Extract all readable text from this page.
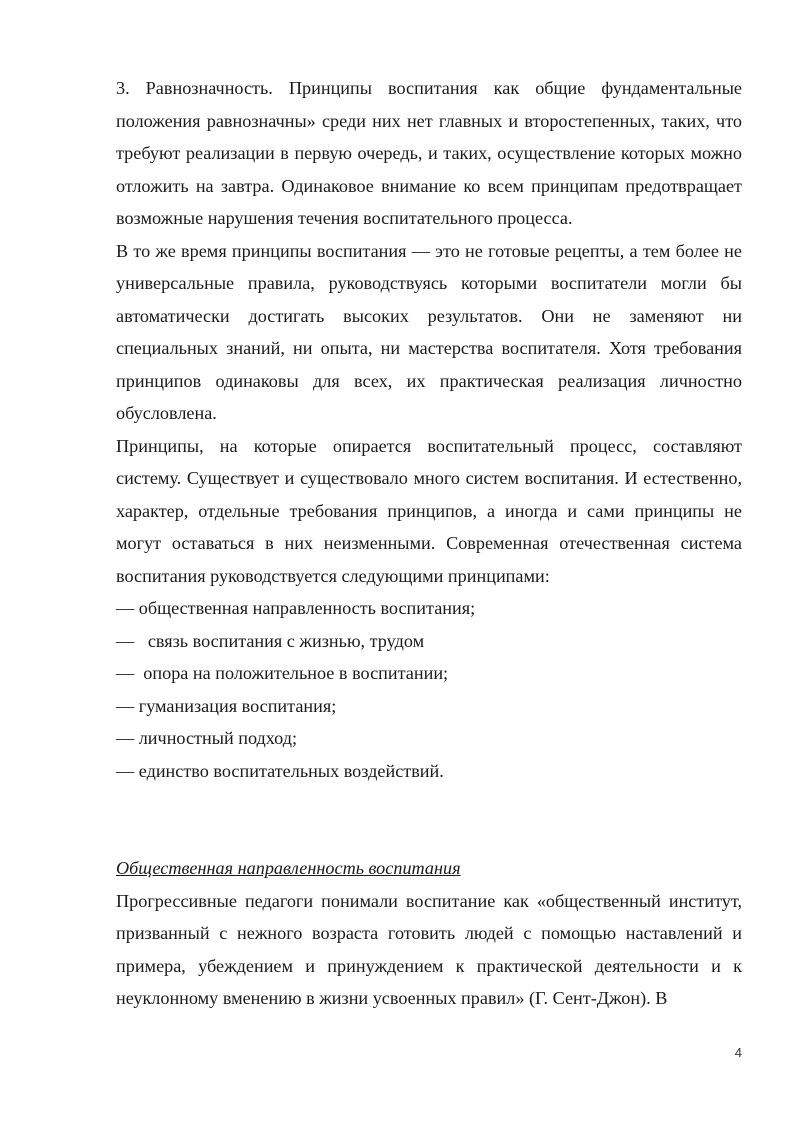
3. Равнозначность. Принципы воспитания как общие фундаментальные положения равнозначны» среди них нет главных и второстепенных, таких, что требуют реализации в первую очередь, и таких, осуществление которых можно отложить на завтра. Одинаковое внимание ко всем принципам предотвращает возможные нарушения течения воспитательного процесса.

В то же время принципы воспитания — это не готовые рецепты, а тем более не универсальные правила, руководствуясь которыми воспитатели могли бы автоматически достигать высоких результатов. Они не заменяют ни специальных знаний, ни опыта, ни мастерства воспитателя. Хотя требования принципов одинаковы для всех, их практическая реализация личностно обусловлена.

Принципы, на которые опирается воспитательный процесс, составляют систему. Существует и существовало много систем воспитания. И естественно, характер, отдельные требования принципов, а иногда и сами принципы не могут оставаться в них неизменными. Современная отечественная система воспитания руководствуется следующими принципами:

— общественная направленность воспитания;
—   связь воспитания с жизнью, трудом
—  опора на положительное в воспитании;
— гуманизация воспитания;
— личностный подход;
— единство воспитательных воздействий.
Общественная направленность воспитания

Прогрессивные педагоги понимали воспитание как «общественный институт, призванный с нежного возраста готовить людей с помощью наставлений и примера, убеждением и принуждением к практической деятельности и к неуклонному вменению в жизни усвоенных правил» (Г. Сент-Джон). В

4
